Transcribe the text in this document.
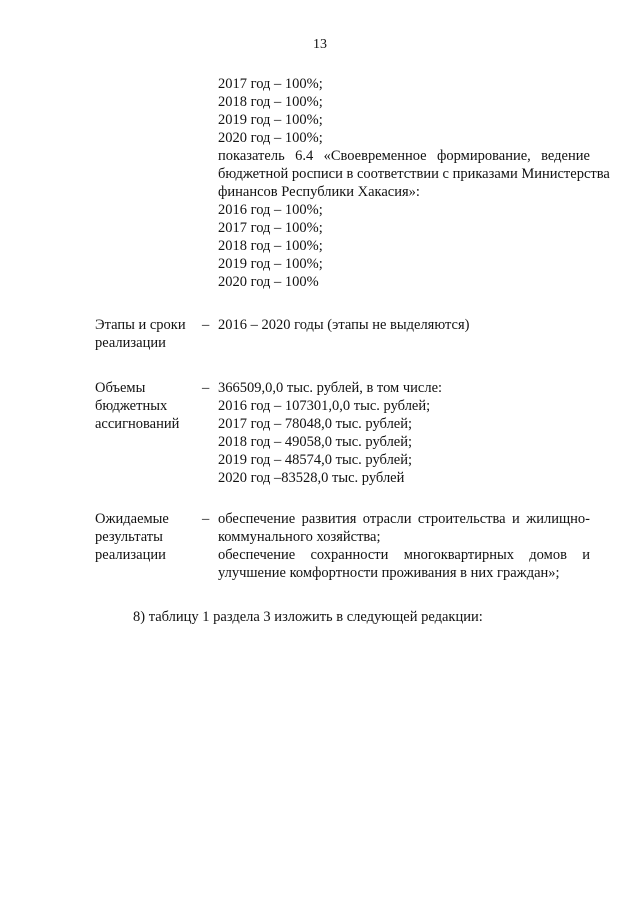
13
2017 год – 100%;
2018 год – 100%;
2019 год – 100%;
2020 год – 100%;
показатель 6.4 «Своевременное формирование, ведение
бюджетной росписи в соответствии с приказами Министерства
финансов Республики Хакасия»:
2016 год – 100%;
2017 год – 100%;
2018 год – 100%;
2019 год – 100%;
2020 год – 100%
Этапы и сроки
реализации
– 2016 – 2020 годы (этапы не выделяются)
Объемы
бюджетных
ассигнований
– 366509,0,0 тыс. рублей, в том числе:
2016 год – 107301,0,0 тыс. рублей;
2017 год – 78048,0 тыс. рублей;
2018 год – 49058,0 тыс. рублей;
2019 год – 48574,0 тыс. рублей;
2020 год –83528,0 тыс. рублей
Ожидаемые
результаты
реализации
– обеспечение развития отрасли строительства и жилищно-
коммунального хозяйства;
обеспечение сохранности многоквартирных домов и
улучшение комфортности проживания в них граждан»;
8) таблицу 1 раздела 3 изложить в следующей редакции:
